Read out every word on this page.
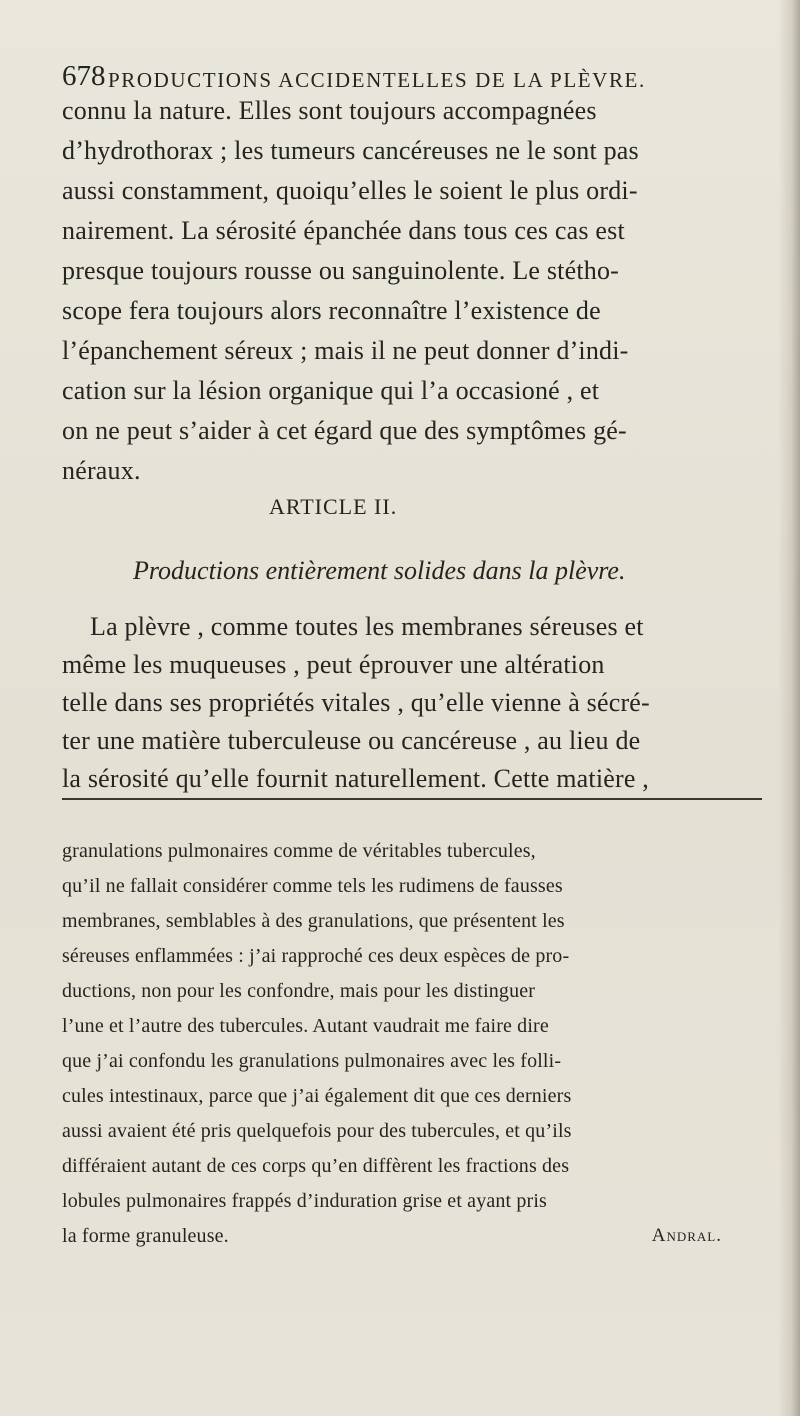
678 PRODUCTIONS ACCIDENTELLES DE LA PLÈVRE.
connu la nature. Elles sont toujours accompagnées
d’hydrothorax ; les tumeurs cancéreuses ne le sont pas
aussi constamment, quoiqu’elles le soient le plus ordi-
nairement. La sérosité épanchée dans tous ces cas est
presque toujours rousse ou sanguinolente. Le stétho-
scope fera toujours alors reconnaître l’existence de
l’épanchement séreux ; mais il ne peut donner d’indi-
cation sur la lésion organique qui l’a occasioné , et
on ne peut s’aider à cet égard que des symptômes gé-
néraux.
ARTICLE II.
Productions entièrement solides dans la plèvre.
La plèvre , comme toutes les membranes séreuses et
même les muqueuses , peut éprouver une altération
telle dans ses propriétés vitales , qu’elle vienne à sécré-
ter une matière tuberculeuse ou cancéreuse , au lieu de
la sérosité qu’elle fournit naturellement. Cette matière ,
granulations pulmonaires comme de véritables tubercules,
qu’il ne fallait considérer comme tels les rudimens de fausses
membranes, semblables à des granulations, que présentent les
séreuses enflammées : j’ai rapproché ces deux espèces de pro-
ductions, non pour les confondre, mais pour les distinguer
l’une et l’autre des tubercules. Autant vaudrait me faire dire
que j’ai confondu les granulations pulmonaires avec les folli-
cules intestinaux, parce que j’ai également dit que ces derniers
aussi avaient été pris quelquefois pour des tubercules, et qu’ils
différaient autant de ces corps qu’en diffèrent les fractions des
lobules pulmonaires frappés d’induration grise et ayant pris
la forme granuleuse.	Andral.
